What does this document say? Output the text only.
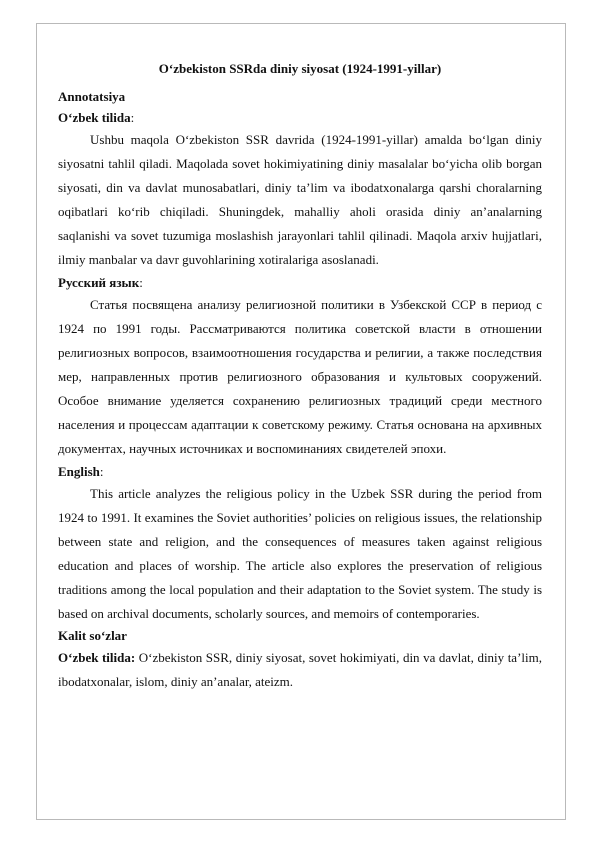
O‘zbekiston SSRda diniy siyosat (1924-1991-yillar)

Annotatsiya

O‘zbek tilida:

Ushbu maqola O‘zbekiston SSR davrida (1924-1991-yillar) amalda bo‘lgan diniy siyosatni tahlil qiladi. Maqolada sovet hokimiyatining diniy masalalar bo‘yicha olib borgan siyosati, din va davlat munosabatlari, diniy ta’lim va ibodatxonalarga qarshi choralarning oqibatlari ko‘rib chiqiladi. Shuningdek, mahalliy aholi orasida diniy an’analarning saqlanishi va sovet tuzumiga moslashish jarayonlari tahlil qilinadi. Maqola arxiv hujjatlari, ilmiy manbalar va davr guvohlarining xotiralariga asoslanadi.

Русский язык:

Статья посвящена анализу религиозной политики в Узбекской ССР в период с 1924 по 1991 годы. Рассматриваются политика советской власти в отношении религиозных вопросов, взаимоотношения государства и религии, а также последствия мер, направленных против религиозного образования и культовых сооружений. Особое внимание уделяется сохранению религиозных традиций среди местного населения и процессам адаптации к советскому режиму. Статья основана на архивных документах, научных источниках и воспоминаниях свидетелей эпохи.

English:

This article analyzes the religious policy in the Uzbek SSR during the period from 1924 to 1991. It examines the Soviet authorities’ policies on religious issues, the relationship between state and religion, and the consequences of measures taken against religious education and places of worship. The article also explores the preservation of religious traditions among the local population and their adaptation to the Soviet system. The study is based on archival documents, scholarly sources, and memoirs of contemporaries.

Kalit so‘zlar

O‘zbek tilida: O‘zbekiston SSR, diniy siyosat, sovet hokimiyati, din va davlat, diniy ta’lim, ibodatxonalar, islom, diniy an’analar, ateizm.
